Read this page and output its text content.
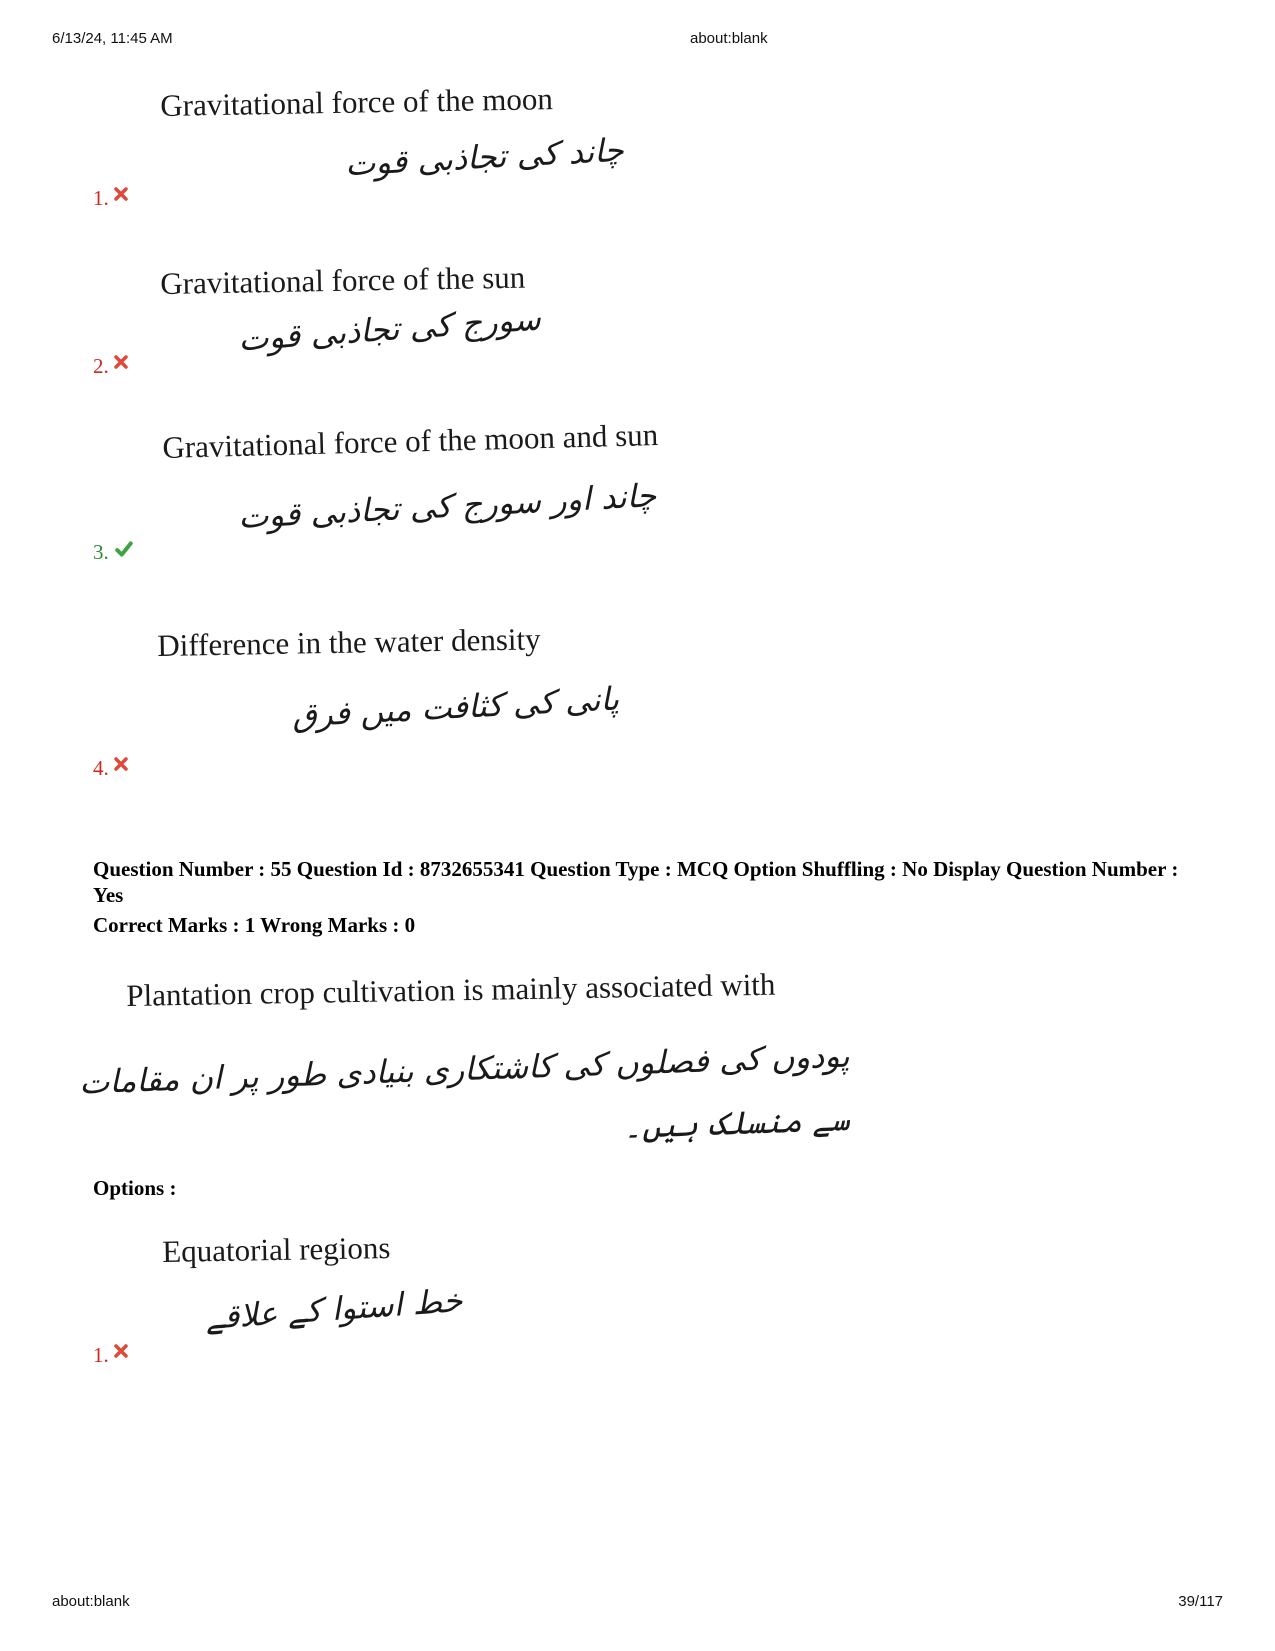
6/13/24, 11:45 AM	about:blank
Gravitational force of the moon
چاند کی تجاذبی قوت
1.
Gravitational force of the sun
سورج کی تجاذبی قوت
2.
Gravitational force of the moon and sun
چاند اور سورج کی تجاذبی قوت
3.
Difference in the water density
پانی کی کثافت میں فرق
4.
Question Number : 55 Question Id : 8732655341 Question Type : MCQ Option Shuffling : No Display Question Number : Yes
Correct Marks : 1 Wrong Marks : 0
Plantation crop cultivation is mainly associated with
پودوں کی فصلوں کی کاشتکاری بنیادی طور پر ان مقامات
سے منسلک ہیں۔
Options :
Equatorial regions
خط استوا کے علاقے
1.
about:blank	39/117
